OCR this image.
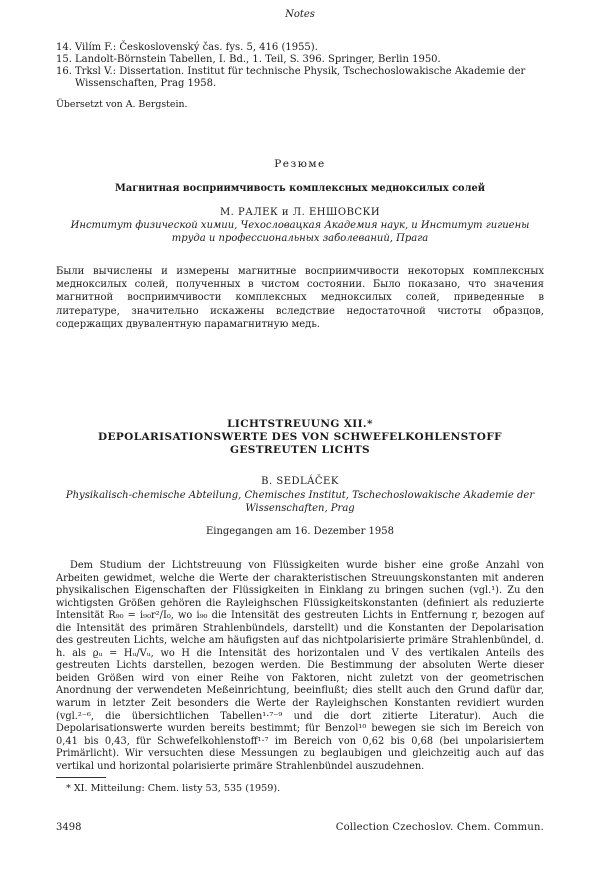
Notes
14. Vilím F.: Československý čas. fys. 5, 416 (1955).
15. Landolt-Börnstein Tabellen, I. Bd., 1. Teil, S. 396. Springer, Berlin 1950.
16. Trksl V.: Dissertation. Institut für technische Physik, Tschechoslowakische Akademie der Wissenschaften, Prag 1958.
Übersetzt von A. Bergstein.
Резюме
Магнитная восприимчивость комплексных медноксилых солей
М. РАЛЕК и Л. ЕНШОВСКИ
Институт физической химии, Чехословацкая Академия наук, и Институт гигиены труда и профессиональных заболеваний, Прага
Были вычислены и измерены магнитные восприимчивости некоторых комплексных медноксилых солей, полученных в чистом состоянии. Было показано, что значения магнитной восприимчивости комплексных медноксилых солей, приведенные в литературе, значительно искажены вследствие недостаточной чистоты образцов, содержащих двувалентную парамагнитную медь.
LICHTSTREUUNG XII.*
DEPOLARISATIONSWERTE DES VON SCHWEFELKOHLENSTOFF
GESTREUTEN LICHTS
B. SEDLÁČEK
Physikalisch-chemische Abteilung, Chemisches Institut, Tschechoslowakische Akademie der Wissenschaften, Prag
Eingegangen am 16. Dezember 1958
Dem Studium der Lichtstreuung von Flüssigkeiten wurde bisher eine große Anzahl von Arbeiten gewidmet, welche die Werte der charakteristischen Streuungskonstanten mit anderen physikalischen Eigenschaften der Flüssigkeiten in Einklang zu bringen suchen (vgl.¹). Zu den wichtigsten Größen gehören die Rayleighschen Flüssigkeitskonstanten (definiert als reduzierte Intensität R₉₀ = i₉₀r²/I₀, wo i₉₀ die Intensität des gestreuten Lichts in Entfernung r, bezogen auf die Intensität des primären Strahlenbündels, darstellt) und die Konstanten der Depolarisation des gestreuten Lichts, welche am häufigsten auf das nichtpolarisierte primäre Strahlenbündel, d. h. als ϱᵤ = Hᵤ/Vᵤ, wo H die Intensität des horizontalen und V des vertikalen Anteils des gestreuten Lichts darstellen, bezogen werden. Die Bestimmung der absoluten Werte dieser beiden Größen wird von einer Reihe von Faktoren, nicht zuletzt von der geometrischen Anordnung der verwendeten Meßeinrichtung, beeinflußt; dies stellt auch den Grund dafür dar, warum in letzter Zeit besonders die Werte der Rayleighschen Konstanten revidiert wurden (vgl.²⁻⁶, die übersichtlichen Tabellen¹·⁷⁻⁹ und die dort zitierte Literatur). Auch die Depolarisationswerte wurden bereits bestimmt; für Benzol¹⁰ bewegen sie sich im Bereich von 0,41 bis 0,43, für Schwefelkohlenstoff¹·⁷ im Bereich von 0,62 bis 0,68 (bei unpolarisiertem Primärlicht). Wir versuchten diese Messungen zu beglaubigen und gleichzeitig auch auf das vertikal und horizontal polarisierte primäre Strahlenbündel auszudehnen.
* XI. Mitteilung: Chem. listy 53, 535 (1959).
3498	Collection Czechoslov. Chem. Commun.
